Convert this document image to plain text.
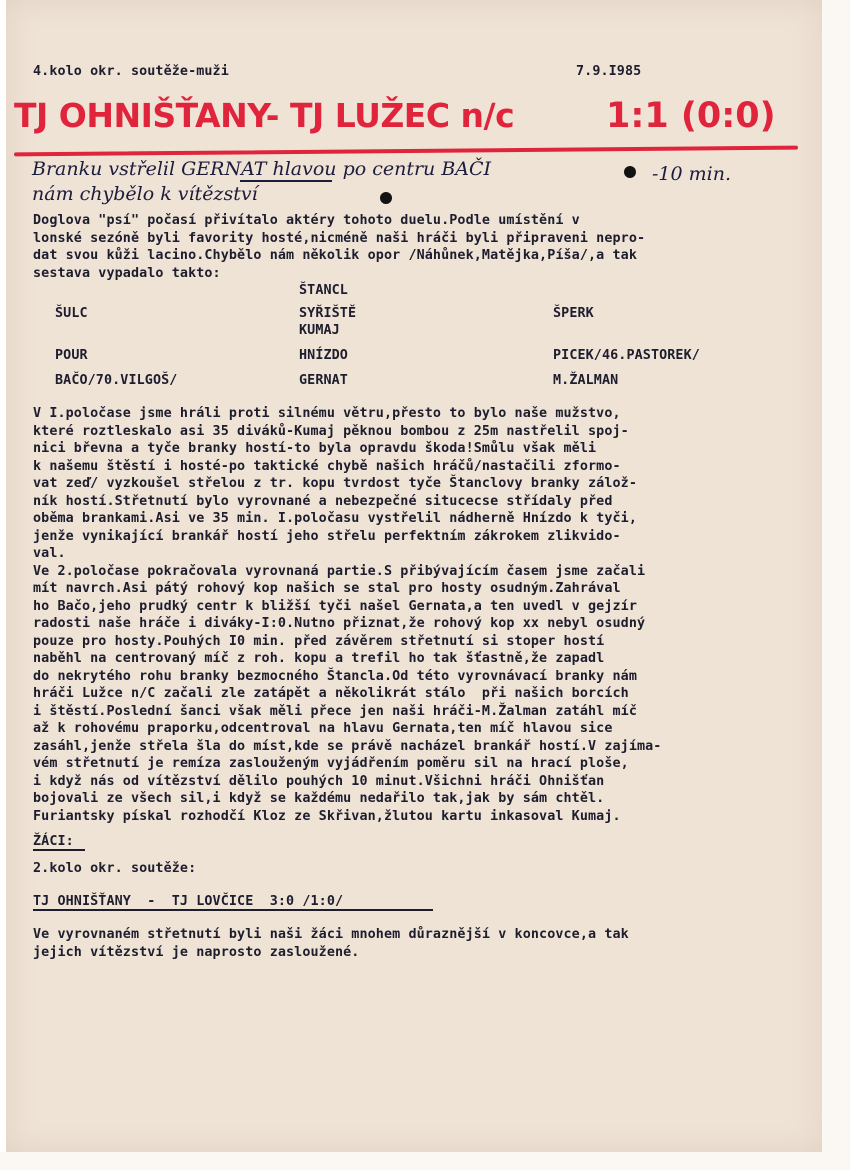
4.kolo okr. soutěže-muži	7.9.I985
TJ OHNIŠŤANY- TJ LUŽEC n/c	1:1 (0:0)
Branku vstřelil GERNAT hlavou po centru BAČI	-10 min.
nám chybělo k vítězství
Doglova "psí" počasí přivítalo aktéry tohoto duelu.Podle umístění v
lonské sezóně byli favority hosté,nicméně naši hráči byli připraveni nepro-
dat svou kůži lacino.Chybělo nám několik opor /Náhůnek,Matějka,Píša/,a tak
sestava vypadalo takto:
ŠTANCL
ŠULC	SYŘIŠTĚ	ŠPERK
KUMAJ
POUR	HNÍZDO	PICEK/46.PASTOREK/
BAČO/70.VILGOŠ/	GERNAT	M.ŽALMAN
V I.poločase jsme hráli proti silnému větru,přesto to bylo naše mužstvo,
které roztleskalo asi 35 diváků-Kumaj pěknou bombou z 25m nastřelil spoj-
nici břevna a tyče branky hostí-to byla opravdu škoda!Smůlu však měli
k našemu štěstí i hosté-po taktické chybě našich hráčů/nastačili zformo-
vat zeď/ vyzkoušel střelou z tr. kopu tvrdost tyče Štanclovy branky zálož-
ník hostí.Střetnutí bylo vyrovnané a nebezpečné situcecse střídaly před
oběma brankami.Asi ve 35 min. I.poločasu vystřelil nádherně Hnízdo k tyči,
jenže vynikající brankář hostí jeho střelu perfektním zákrokem zlikvido-
val.
Ve 2.poločase pokračovala vyrovnaná partie.S přibývajícím časem jsme začali
mít navrch.Asi pátý rohový kop našich se stal pro hosty osudným.Zahrával
ho Bačo,jeho prudký centr k bližší tyči našel Gernata,a ten uvedl v gejzír
radosti naše hráče i diváky-I:0.Nutno přiznat,že rohový kop xx nebyl osudný
pouze pro hosty.Pouhých I0 min. před závěrem střetnutí si stoper hostí
naběhl na centrovaný míč z roh. kopu a trefil ho tak šťastně,že zapadl
do nekrytého rohu branky bezmocného Štancla.Od této vyrovnávací branky nám
hráči Lužce n/C začali zle zatápět a několikrát stálo  při našich borcích
i štěstí.Poslední šanci však měli přece jen naši hráči-M.Žalman zatáhl míč
až k rohovému praporku,odcentroval na hlavu Gernata,ten míč hlavou sice
zasáhl,jenže střela šla do míst,kde se právě nacházel brankář hostí.V zajíma-
vém střetnutí je remíza zaslouženým vyjádřením poměru sil na hrací ploše,
i když nás od vítězství dělilo pouhých 10 minut.Všichni hráči Ohnišťan
bojovali ze všech sil,i když se každému nedařilo tak,jak by sám chtěl.
Furiantsky pískal rozhodčí Kloz ze Skřivan,žlutou kartu inkasoval Kumaj.
ŽÁCI:
2.kolo okr. soutěže:
TJ OHNIŠŤANY  -  TJ LOVČICE  3:0 /1:0/
Ve vyrovnaném střetnutí byli naši žáci mnohem důraznější v koncovce,a tak
jejich vítězství je naprosto zasloužené.
